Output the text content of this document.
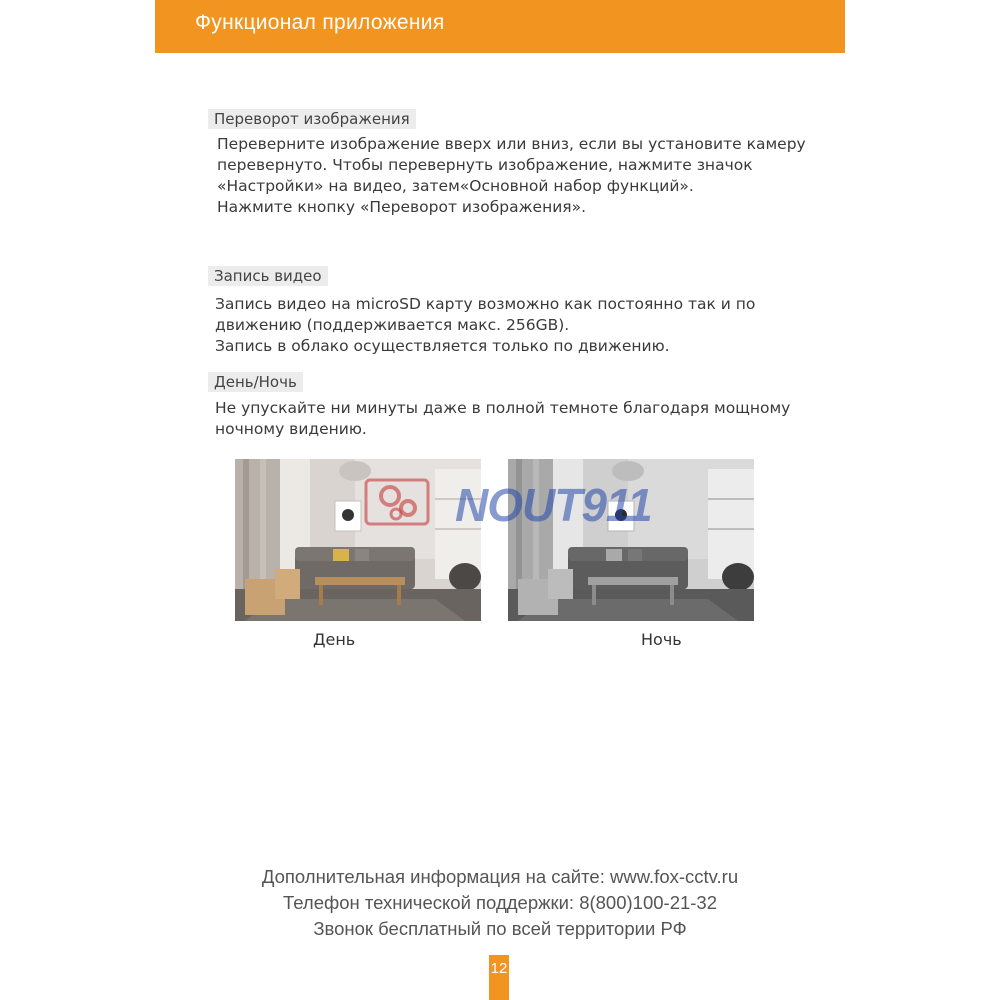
Функционал приложения
Переворот изображения
Переверните изображение вверх или вниз, если вы установите камеру
перевернуто. Чтобы перевернуть изображение, нажмите значок
«Настройки» на видео, затем«Основной набор функций».
Нажмите кнопку «Переворот изображения».
Запись видео
Запись видео на microSD карту возможно как постоянно так и по
движению (поддерживается макс. 256GB).
Запись в облако осуществляется только по движению.
День/Ночь
Не упускайте ни минуты даже в полной темноте благодаря мощному
ночному видению.
День	Ночь
NOUT911
Дополнительная информация на сайте: www.fox-cctv.ru
Телефон технической поддержки: 8(800)100-21-32
Звонок бесплатный по всей территории РФ
12
